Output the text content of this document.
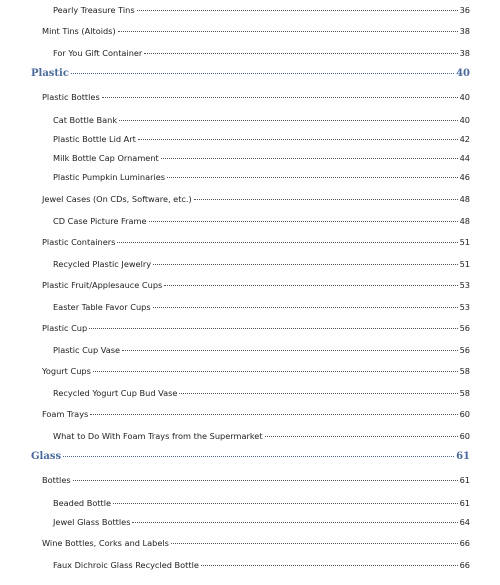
Pearly Treasure Tins	36
Mint Tins (Altoids)	38
For You Gift Container	38
Plastic	40
Plastic Bottles	40
Cat Bottle Bank	40
Plastic Bottle Lid Art	42
Milk Bottle Cap Ornament	44
Plastic Pumpkin Luminaries	46
Jewel Cases (On CDs, Software, etc.)	48
CD Case Picture Frame	48
Plastic Containers	51
Recycled Plastic Jewelry	51
Plastic Fruit/Applesauce Cups	53
Easter Table Favor Cups	53
Plastic Cup	56
Plastic Cup Vase	56
Yogurt Cups	58
Recycled Yogurt Cup Bud Vase	58
Foam Trays	60
What to Do With Foam Trays from the Supermarket	60
Glass	61
Bottles	61
Beaded Bottle	61
Jewel Glass Bottles	64
Wine Bottles, Corks and Labels	66
Faux Dichroic Glass Recycled Bottle	66
